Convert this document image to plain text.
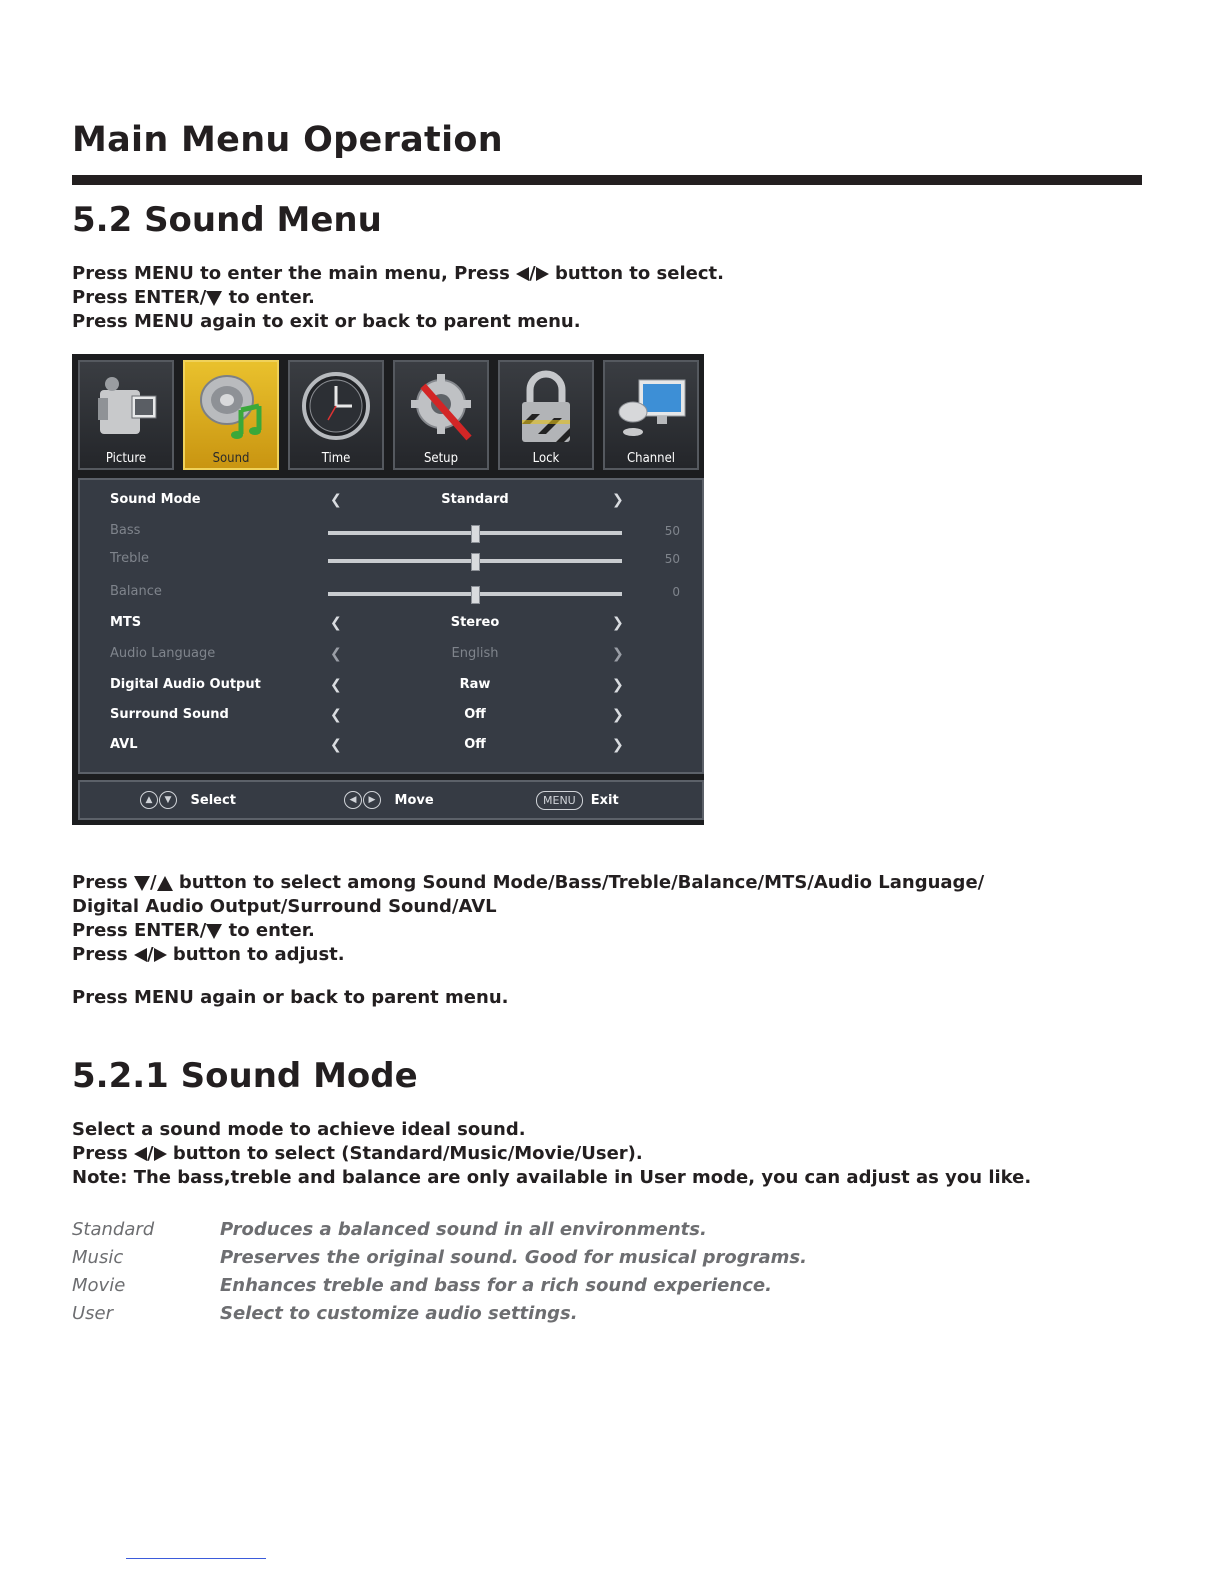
Main Menu Operation
5.2 Sound Menu
Press MENU to enter the main menu, Press / button to select.
Press ENTER/ to enter.
Press MENU again to exit or back to parent menu.
Picture	Sound	Time	Setup	Lock	Channel
Sound Mode	❮	Standard	❯
Bass	50
Treble	50
Balance	0
MTS	❮	Stereo	❯
Audio Language	❮	English	❯
Digital Audio Output	❮	Raw	❯
Surround Sound	❮	Off	❯
AVL	❮	Off	❯
▲ ▼ Select	◀ ▶ Move	MENU Exit
Press / button to select among Sound Mode/Bass/Treble/Balance/MTS/Audio Language/
Digital Audio Output/Surround Sound/AVL
Press ENTER/ to enter.
Press / button to adjust.
Press MENU again or back to parent menu.
5.2.1 Sound Mode
Select a sound mode to achieve ideal sound.
Press / button to select (Standard/Music/Movie/User).
Note: The bass,treble and balance are only available in User mode, you can adjust as you like.
Standard	Produces a balanced sound in all environments.
Music	Preserves the original sound. Good for musical programs.
Movie	Enhances treble and bass for a rich sound experience.
User	Select to customize audio settings.
